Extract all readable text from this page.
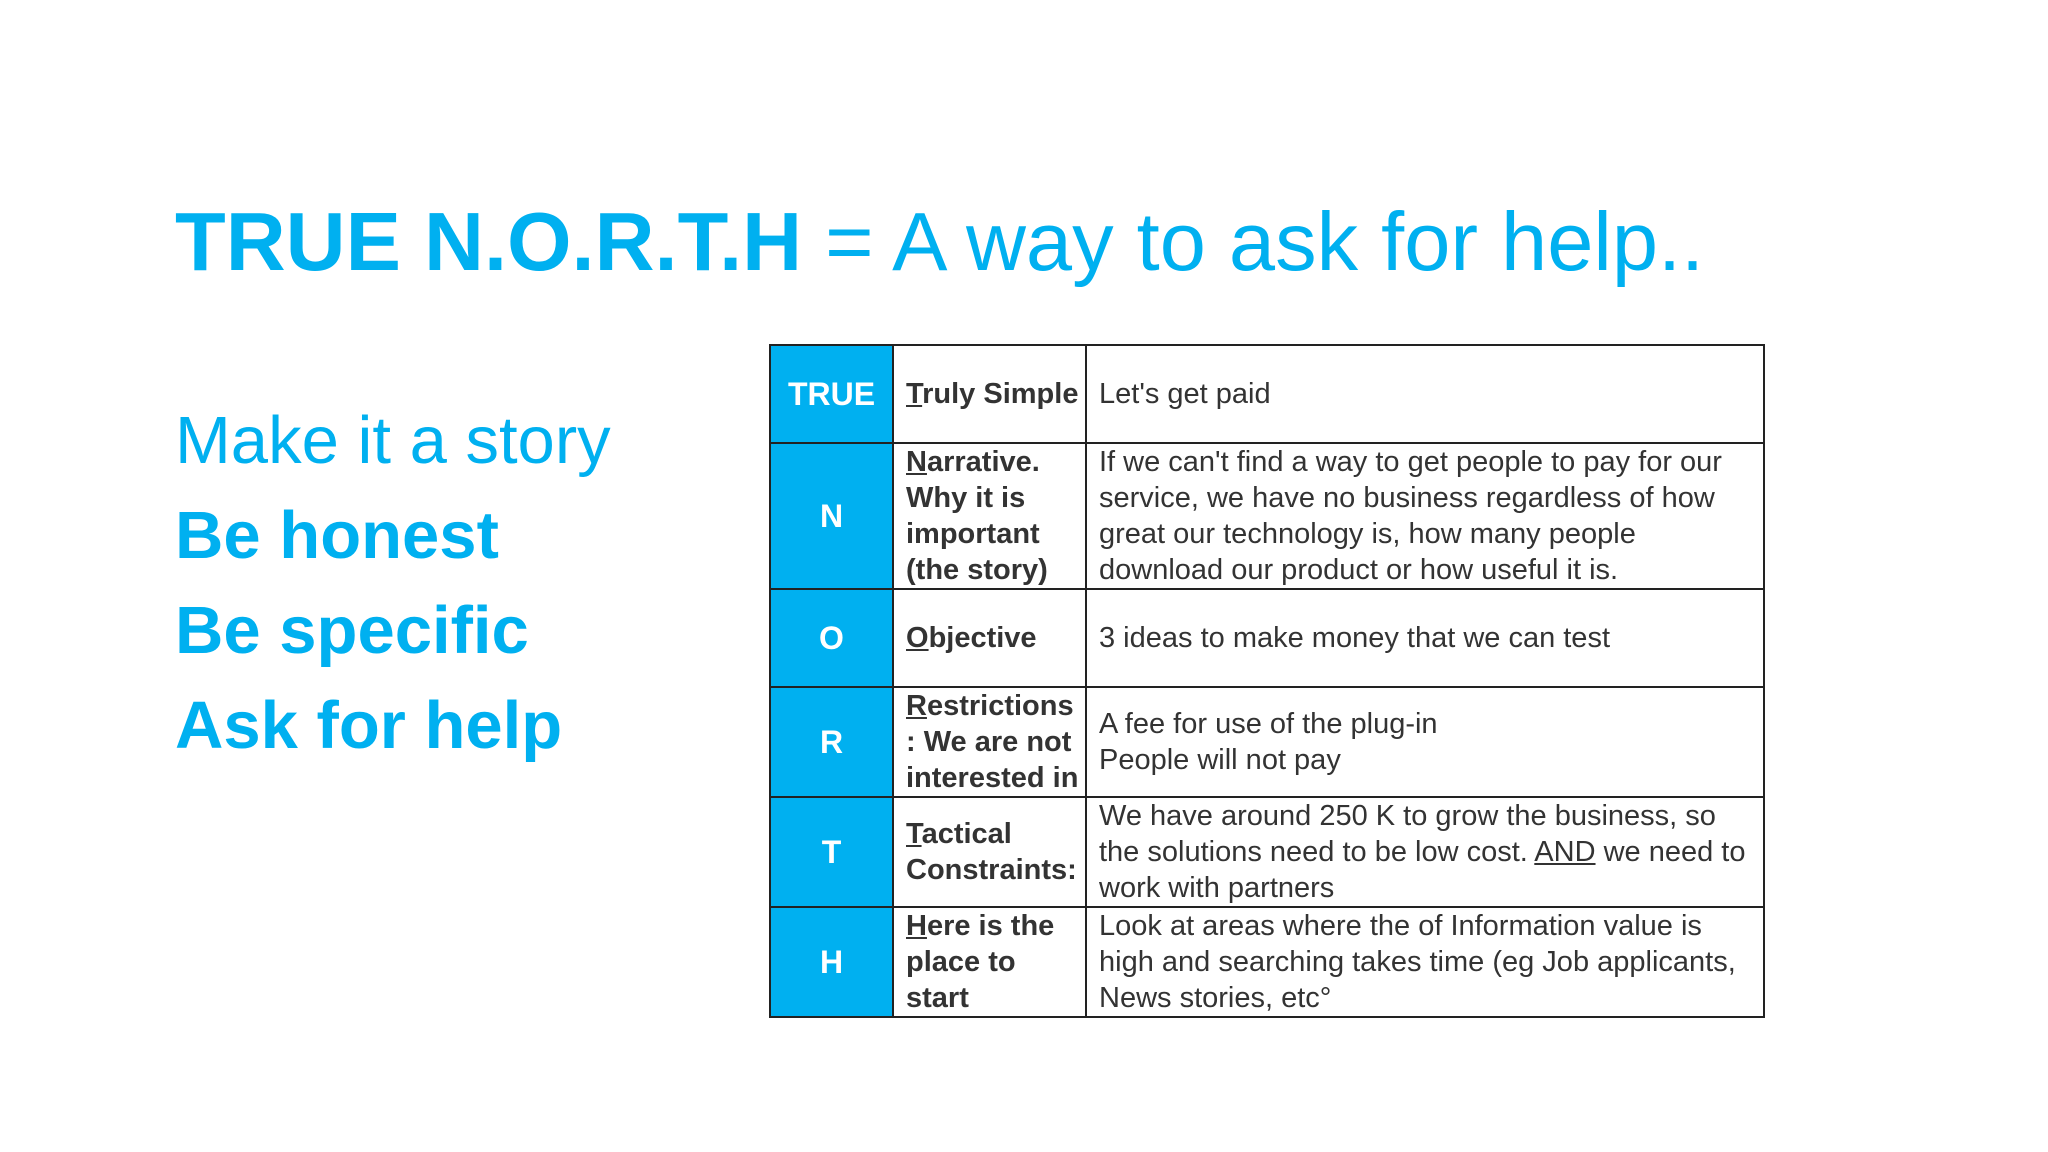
TRUE N.O.R.T.H = A way to ask for help..
Make it a story
Be honest
Be specific
Ask for help
TRUE	Truly Simple	Let's get paid
N	Narrative. Why it is important (the story)	If we can't find a way to get people to pay for our service, we have no business regardless of how great our technology is, how many people download our product or how useful it is.
O	Objective	3 ideas to make money that we can test
R	Restrictions : We are not interested in	A fee for use of the plug-in
People will not pay

T	Tactical Constraints:	We have around 250 K to grow the business, so the solutions need to be low cost. AND we need to work with partners
H	Here is the place to start	Look at areas where the of Information value is high and searching takes time (eg Job applicants, News stories, etc°
